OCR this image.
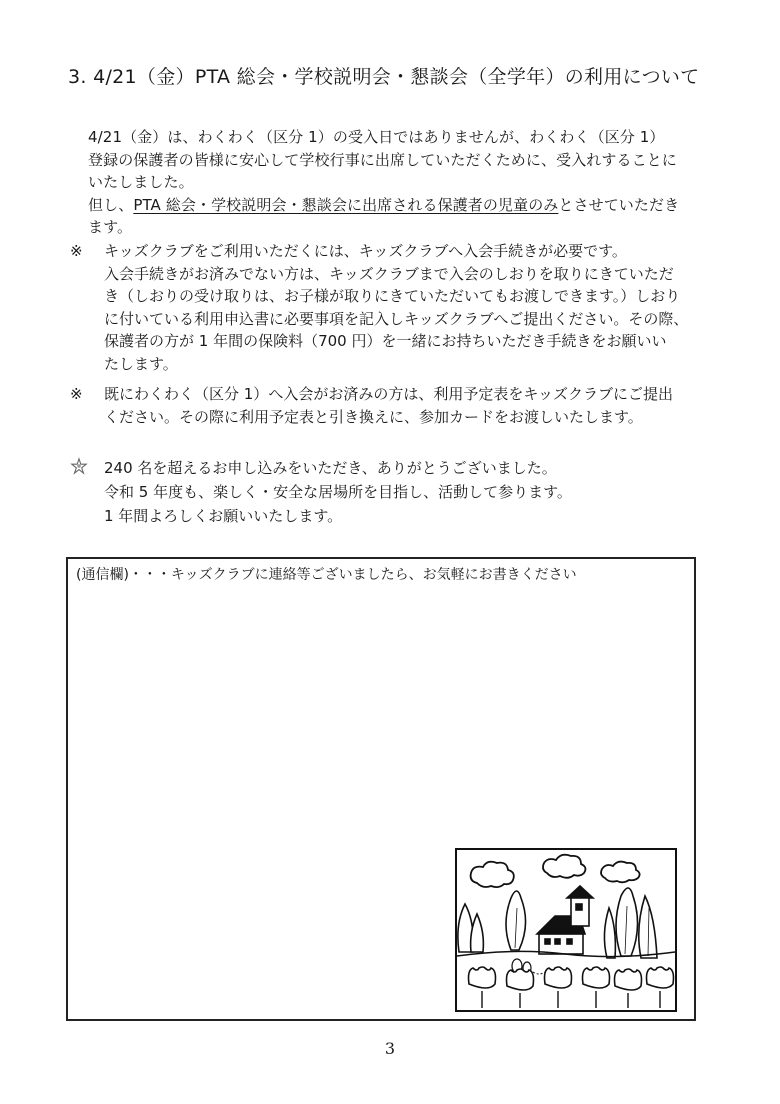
3. 4/21（金）PTA 総会・学校説明会・懇談会（全学年）の利用について
4/21（金）は、わくわく（区分 1）の受入日ではありませんが、わくわく（区分 1）
登録の保護者の皆様に安心して学校行事に出席していただくために、受入れすることに
いたしました。
但し、PTA 総会・学校説明会・懇談会に出席される保護者の児童のみとさせていただき
ます。
※	キッズクラブをご利用いただくには、キッズクラブへ入会手続きが必要です。
入会手続きがお済みでない方は、キッズクラブまで入会のしおりを取りにきていただ
き（しおりの受け取りは、お子様が取りにきていただいてもお渡しできます。）しおり
に付いている利用申込書に必要事項を記入しキッズクラブへご提出ください。その際、
保護者の方が 1 年間の保険料（700 円）を一緒にお持ちいただき手続きをお願いい
たします。
※	既にわくわく（区分 1）へ入会がお済みの方は、利用予定表をキッズクラブにご提出
ください。その際に利用予定表と引き換えに、参加カードをお渡しいたします。
240 名を超えるお申し込みをいただき、ありがとうございました。
令和 5 年度も、楽しく・安全な居場所を目指し、活動して参ります。
1 年間よろしくお願いいたします。
(通信欄)・・・キッズクラブに連絡等ございましたら、お気軽にお書きください
3
